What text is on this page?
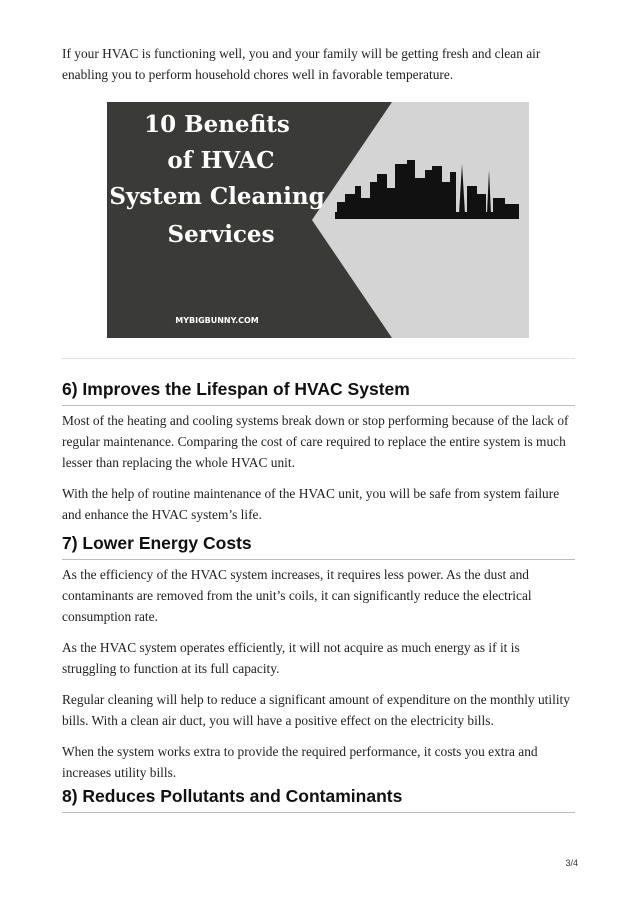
If your HVAC is functioning well, you and your family will be getting fresh and clean air enabling you to perform household chores well in favorable temperature.

10 Benefits
of HVAC
System Cleaning
Services
MYBIGBUNNY.COM
6) Improves the Lifespan of HVAC System

Most of the heating and cooling systems break down or stop performing because of the lack of regular maintenance. Comparing the cost of care required to replace the entire system is much lesser than replacing the whole HVAC unit.

With the help of routine maintenance of the HVAC unit, you will be safe from system failure and enhance the HVAC system’s life.

7) Lower Energy Costs

As the efficiency of the HVAC system increases, it requires less power. As the dust and contaminants are removed from the unit’s coils, it can significantly reduce the electrical consumption rate.

As the HVAC system operates efficiently, it will not acquire as much energy as if it is struggling to function at its full capacity.

Regular cleaning will help to reduce a significant amount of expenditure on the monthly utility bills. With a clean air duct, you will have a positive effect on the electricity bills.

When the system works extra to provide the required performance, it costs you extra and increases utility bills.

8) Reduces Pollutants and Contaminants
3/4
